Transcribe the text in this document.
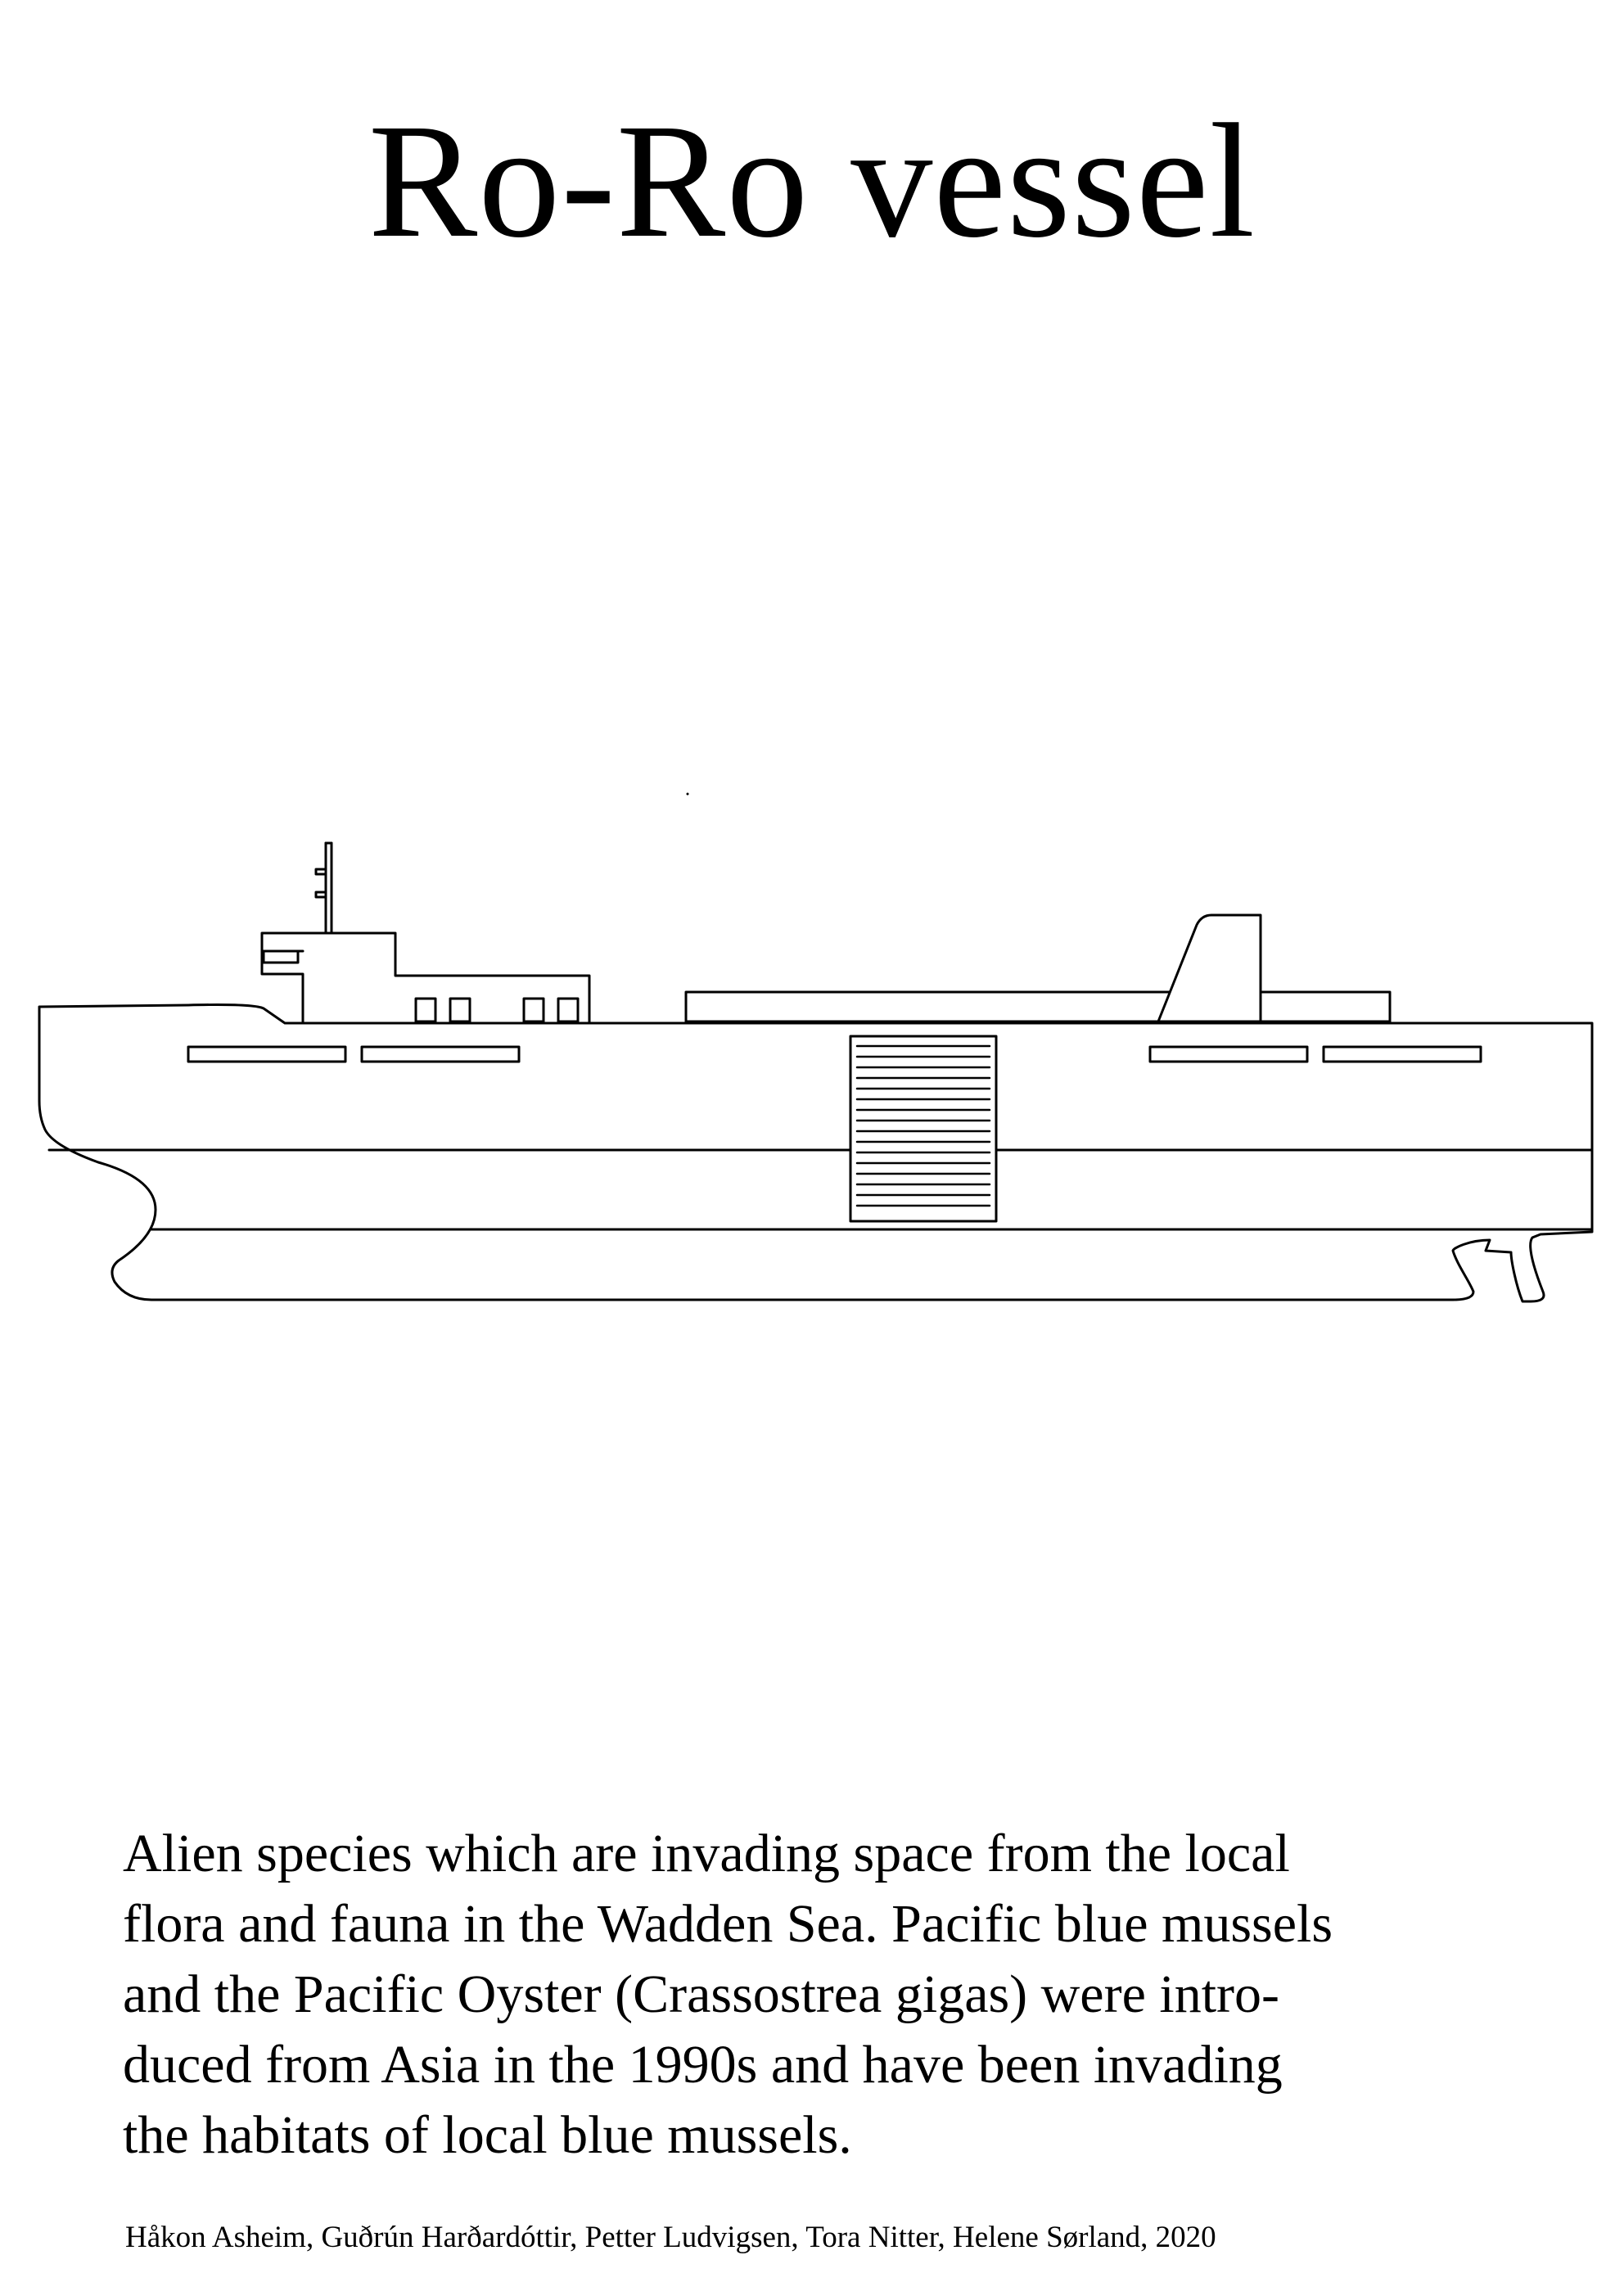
Ro-Ro vessel

Alien species which are invading space from the local
flora and fauna in the Wadden Sea. Pacific blue mussels
and the Pacific Oyster (Crassostrea gigas) were intro-
duced from Asia in the 1990s and have been invading
the habitats of local blue mussels.

Håkon Asheim, Guðrún Harðardóttir, Petter Ludvigsen, Tora Nitter, Helene Sørland, 2020
